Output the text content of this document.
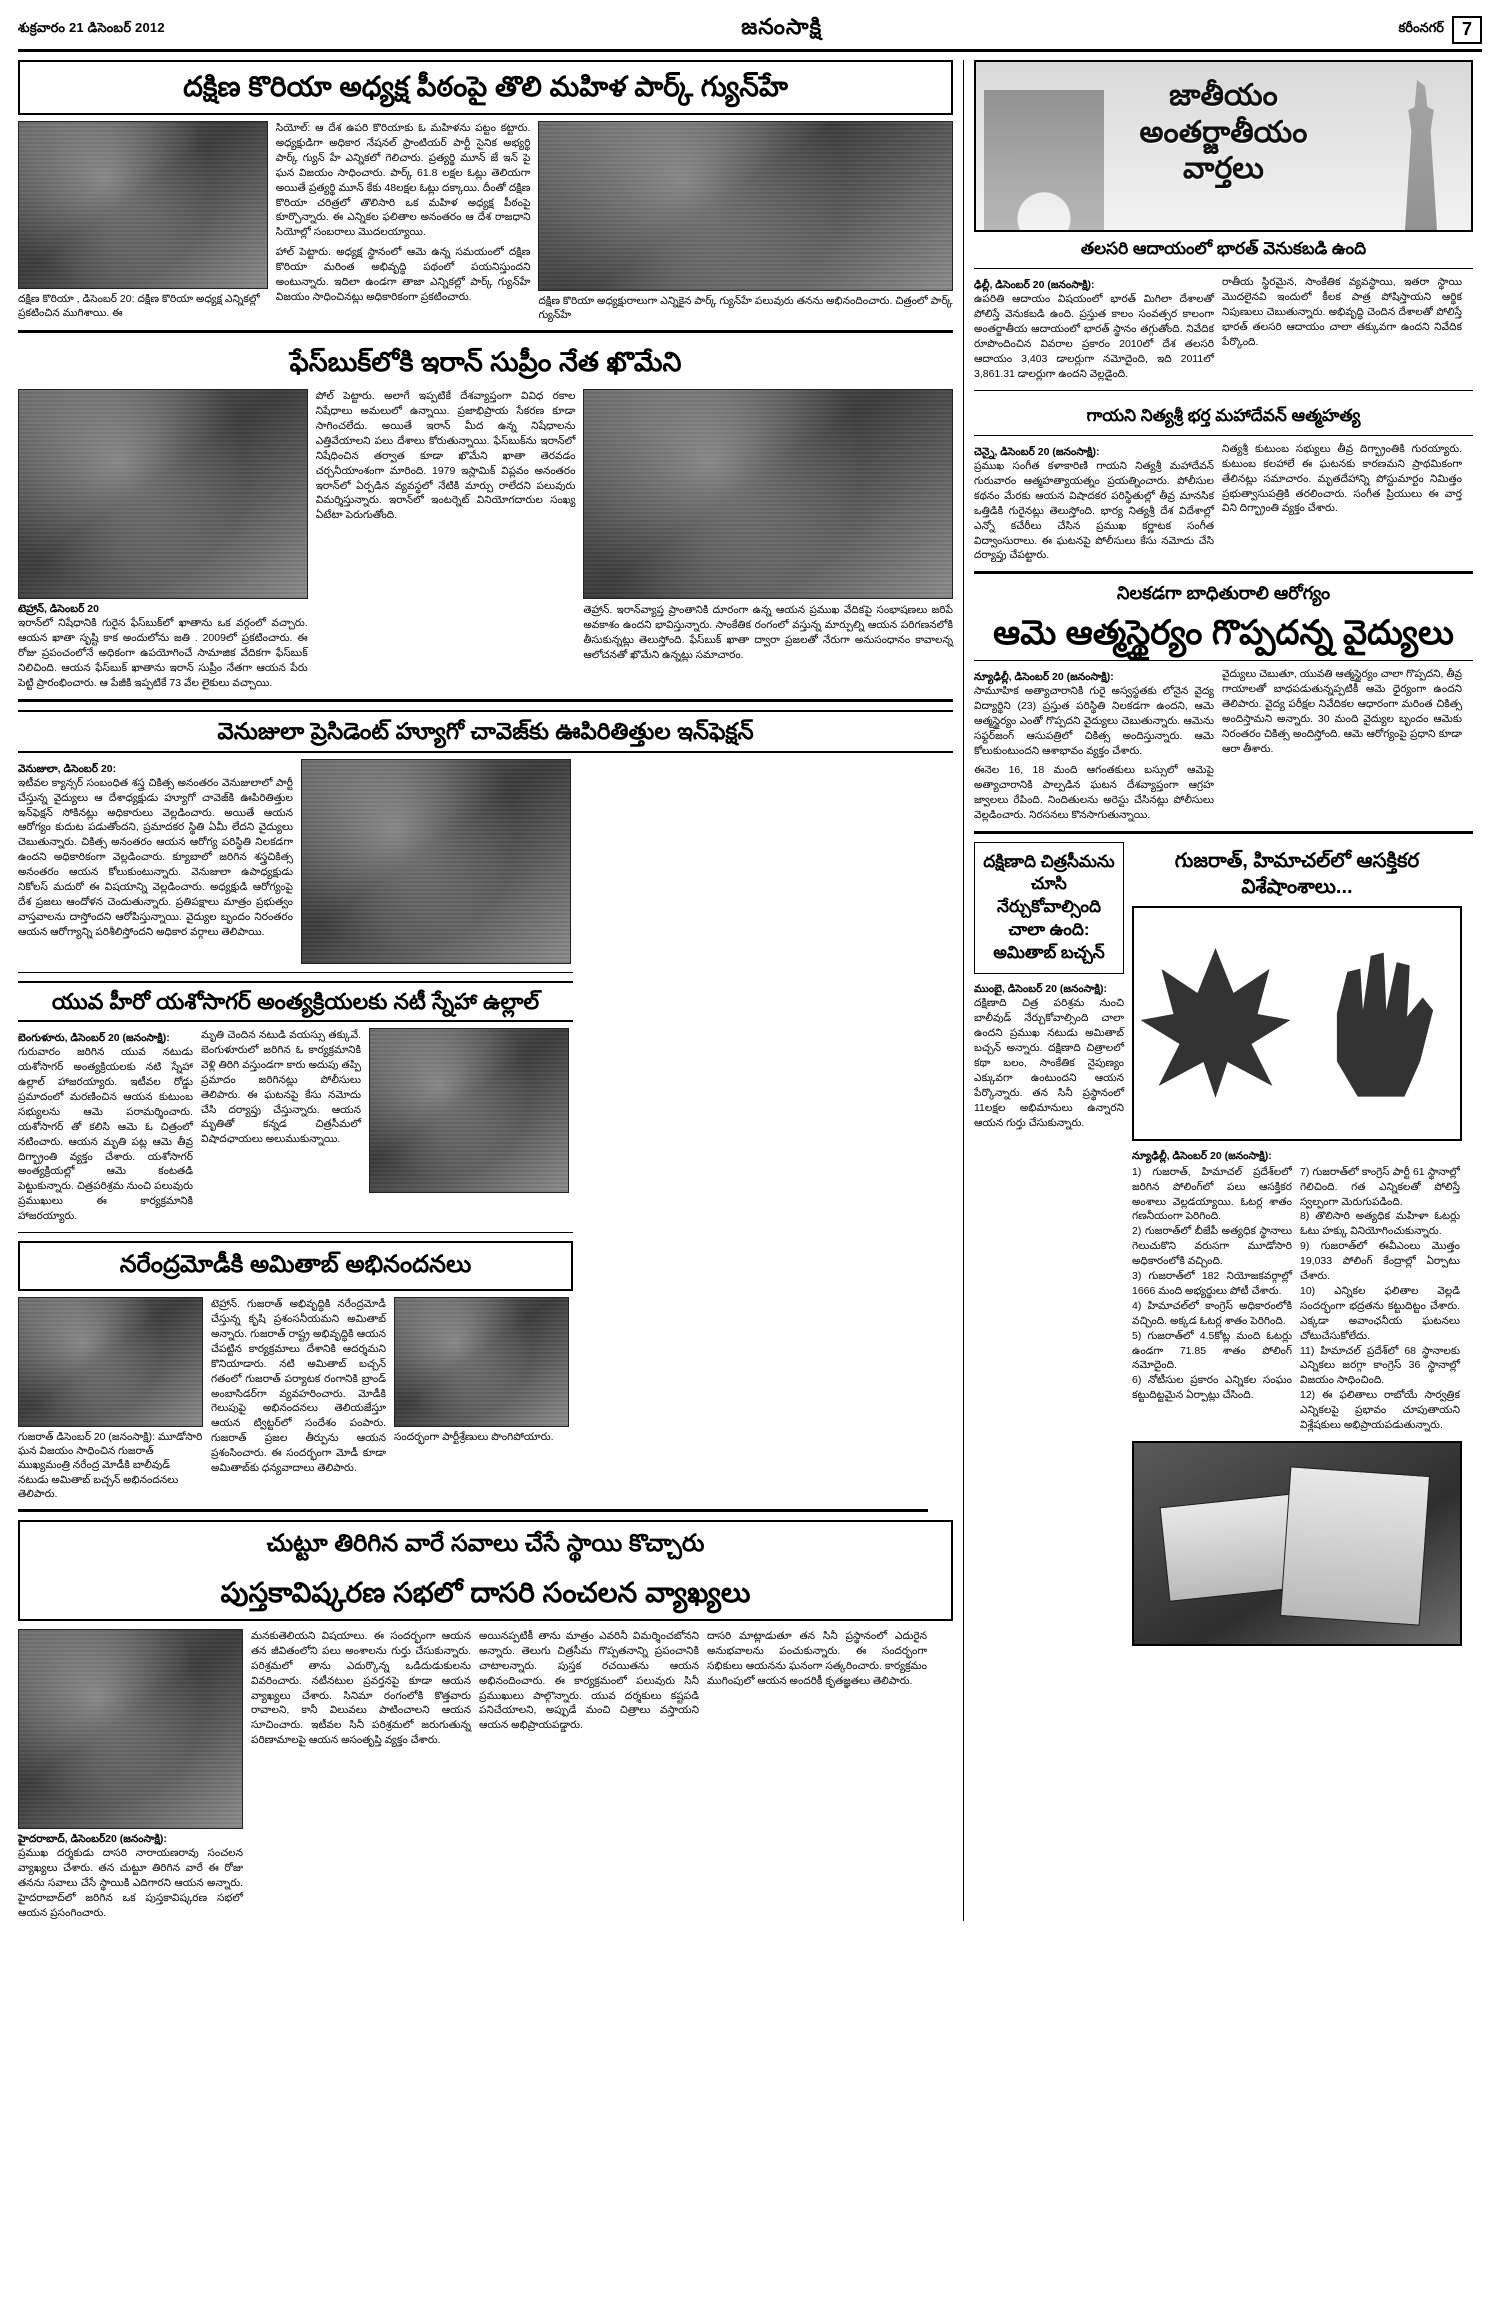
శుక్రవారం 21 డిసెంబర్ 2012	జనంసాక్షి	కరీంనగర్ 7
దక్షిణ కొరియా అధ్యక్ష పీఠంపై తొలి మహిళ పార్క్ గ్యున్‌హే
దక్షిణ కొరియా , డిసెంబర్ 20: దక్షిణ కొరియా అధ్యక్ష ఎన్నికల్లో ప్రకటించిన ముగిశాయి. ఈ
సియోల్: ఆ దేశ ఉపరి కొరియాకు ఓ మహిళను పట్టం కట్టారు. అధ్యక్షుడిగా అధికార నేషనల్ ఫ్రాంటియర్ పార్టీ సైనిక అభ్యర్థి పార్క్ గ్యున్ హే ఎన్నికలో గెలిచారు. ప్రత్యర్థి మూన్ జే ఇన్ పై ఘన విజయం సాధించారు. పార్క్ 61.8 లక్షల ఓట్లు తెలియగా అయితే ప్రత్యర్థి మూన్ కేకు 48లక్షల ఓట్లు దక్కాయి. దీంతో దక్షిణ కొరియా చరిత్రలో తొలిసారి ఒక మహిళ అధ్యక్ష పీఠంపై కూర్చొన్నారు. ఈ ఎన్నికల ఫలితాల అనంతరం ఆ దేశ రాజధాని సియోల్లో సంబరాలు మొదలయ్యాయి.
హాల్ పెట్టారు. అధ్యక్ష స్థానంలో ఆమె ఉన్న సమయంలో దక్షిణ కొరియా మరింత అభివృద్ధి పథంలో పయనిస్తుందని అంటున్నారు. ఇదిలా ఉండగా తాజా ఎన్నికల్లో పార్క్ గ్యున్‌హే విజయం సాధించినట్లు అధికారికంగా ప్రకటించారు.	దక్షిణ కొరియా అధ్యక్షురాలుగా ఎన్నికైన పార్క్ గ్యున్‌హే పలువురు తనను అభినందించారు. చిత్రంలో పార్క్ గ్యున్‌హే
ఫేస్‌బుక్‌లోకి ఇరాన్ సుప్రీం నేత ఖొమేని
టెహ్రాన్, డిసెంబర్ 20
ఇరాన్‌లో నిషేధానికి గురైన ఫేస్‌బుక్‌లో ఖాతాను ఒక వర్గంలో వచ్చారు. ఆయన ఖాతా సృష్టి కాక అందులోను జతి . 2009లో ప్రకటించారు. ఈ రోజు ప్రపంచంలోనే అధికంగా ఉపయోగించే సామాజిక వేదికగా ఫేస్‌బుక్ నిలిచింది. ఆయన ఫేస్‌బుక్ ఖాతాను ఇరాన్ సుప్రీం నేతగా ఆయన పేరు పెట్టి ప్రారంభించారు. ఆ పేజీకి ఇప్పటికే 73 వేల లైకులు వచ్చాయి.
పోల్ పెట్టారు. అలాగే ఇప్పటికే దేశవ్యాప్తంగా వివిధ రకాల నిషేధాలు అమలులో ఉన్నాయి. ప్రజాభిప్రాయ సేకరణ కూడా సాగించలేదు. అయితే ఇరాన్ మీద ఉన్న నిషేధాలను ఎత్తివేయాలని పలు దేశాలు కోరుతున్నాయి. ఫేస్‌బుక్‌ను ఇరాన్‌లో నిషేధించిన తర్వాత కూడా ఖొమేని ఖాతా తెరవడం చర్చనీయాంశంగా మారింది. 1979 ఇస్లామిక్ విప్లవం అనంతరం ఇరాన్‌లో ఏర్పడిన వ్యవస్థలో నేటికి మార్పు రాలేదని పలువురు విమర్శిస్తున్నారు. ఇరాన్‌లో ఇంటర్నెట్ వినియోగదారుల సంఖ్య ఏటేటా పెరుగుతోంది.
తెహ్రాన్. ఇరాన్‌వ్యాప్త ప్రాంతానికి దూరంగా ఉన్న ఆయన ప్రముఖ వేదికపై సంభాషణలు జరిపే అవకాశం ఉందని భావిస్తున్నారు. సాంకేతిక రంగంలో వస్తున్న మార్పుల్ని ఆయన పరిగణనలోకి తీసుకున్నట్లు తెలుస్తోంది. ఫేస్‌బుక్ ఖాతా ద్వారా ప్రజలతో నేరుగా అనుసంధానం కావాలన్న ఆలోచనతో ఖొమేని ఉన్నట్లు సమాచారం.
వెనుజులా ప్రెసిడెంట్ హ్యూగో చావెజ్‌కు ఊపిరితిత్తుల ఇన్‌ఫెక్షన్
వెనుజులా, డిసెంబర్ 20:
ఇటీవల క్యాన్సర్ సంబంధిత శస్త్ర చికిత్స అనంతరం వెనుజులాలో పార్టీ చేస్తున్న వైద్యులు ఆ దేశాధ్యక్షుడు హ్యూగో చావెజ్‌కి ఊపిరితిత్తుల ఇన్‌ఫెక్షన్ సోకినట్లు అధికారులు వెల్లడించారు. అయితే ఆయన ఆరోగ్యం కుదుట పడుతోందని, ప్రమాదకర స్థితి ఏమీ లేదని వైద్యులు చెబుతున్నారు. చికిత్స అనంతరం ఆయన ఆరోగ్య పరిస్థితి నిలకడగా ఉందని అధికారికంగా వెల్లడించారు. క్యూబాలో జరిగిన శస్త్రచికిత్స అనంతరం ఆయన కోలుకుంటున్నారు. వెనుజులా ఉపాధ్యక్షుడు నికోలస్ మదురో ఈ విషయాన్ని వెల్లడించారు. అధ్యక్షుడి ఆరోగ్యంపై దేశ ప్రజలు ఆందోళన చెందుతున్నారు. ప్రతిపక్షాలు మాత్రం ప్రభుత్వం వాస్తవాలను దాస్తోందని ఆరోపిస్తున్నాయి. వైద్యుల బృందం నిరంతరం ఆయన ఆరోగ్యాన్ని పరిశీలిస్తోందని అధికార వర్గాలు తెలిపాయి.
యువ హీరో యశోసాగర్ అంత్యక్రియలకు నటీ స్నేహా ఉల్లాల్
బెంగుళూరు, డిసెంబర్ 20 (జనంసాక్షి):
గురువారం జరిగిన యువ నటుడు యశోసాగర్ అంత్యక్రియలకు నటి స్నేహా ఉల్లాల్ హాజరయ్యారు. ఇటీవల రోడ్డు ప్రమాదంలో మరణించిన ఆయన కుటుంబ సభ్యులను ఆమె పరామర్శించారు. యశోసాగర్ తో కలిసి ఆమె ఓ చిత్రంలో నటించారు. ఆయన మృతి పట్ల ఆమె తీవ్ర దిగ్భ్రాంతి వ్యక్తం చేశారు. యశోసాగర్ అంత్యక్రియల్లో ఆమె కంటతడి పెట్టుకున్నారు. చిత్రపరిశ్రమ నుంచి పలువురు ప్రముఖులు ఈ కార్యక్రమానికి హాజరయ్యారు.
మృతి చెందిన నటుడి వయస్సు తక్కువే. బెంగుళూరులో జరిగిన ఓ కార్యక్రమానికి వెళ్లి తిరిగి వస్తుండగా కారు అదుపు తప్పి ప్రమాదం జరిగినట్లు పోలీసులు తెలిపారు. ఈ ఘటనపై కేసు నమోదు చేసి దర్యాప్తు చేస్తున్నారు. ఆయన మృతితో కన్నడ చిత్రసీమలో విషాదఛాయలు అలుముకున్నాయి.
నరేంద్రమోడీకి అమితాబ్ అభినందనలు
గుజరాత్ డిసెంబర్ 20 (జనంసాక్షి): మూడోసారి ఘన విజయం సాధించిన గుజరాత్ ముఖ్యమంత్రి నరేంద్ర మోడీకి బాలీవుడ్ నటుడు అమితాబ్ బచ్చన్ అభినందనలు తెలిపారు.
టెహ్రాన్. గుజరాత్ అభివృద్ధికి నరేంద్రమోడీ చేస్తున్న కృషి ప్రశంసనీయమని అమితాబ్ అన్నారు. గుజరాత్ రాష్ట్ర అభివృద్ధికి ఆయన చేపట్టిన కార్యక్రమాలు దేశానికి ఆదర్శమని కొనియాడారు. నటి అమితాబ్ బచ్చన్ గతంలో గుజరాత్ పర్యాటక రంగానికి బ్రాండ్ అంబాసిడర్‌గా వ్యవహరించారు. మోడీకి గెలుపుపై అభినందనలు తెలియజేస్తూ ఆయన ట్విట్టర్‌లో సందేశం పంపారు. గుజరాత్ ప్రజల తీర్పును ఆయన ప్రశంసించారు. ఈ సందర్భంగా మోడీ కూడా అమితాబ్‌కు ధన్యవాదాలు తెలిపారు.
సందర్భంగా పార్టీశ్రేణులు పొంగిపోయారు.
చుట్టూ తిరిగిన వారే సవాలు చేసే స్థాయి కొచ్చారు
పుస్తకావిష్కరణ సభలో దాసరి సంచలన వ్యాఖ్యలు
హైదరాబాద్, డిసెంబర్20 (జనంసాక్షి):
ప్రముఖ దర్శకుడు దాసరి నారాయణరావు సంచలన వ్యాఖ్యలు చేశారు. తన చుట్టూ తిరిగిన వారే ఈ రోజు తనను సవాలు చేసే స్థాయికి ఎదిగారని ఆయన అన్నారు. హైదరాబాద్‌లో జరిగిన ఒక పుస్తకావిష్కరణ సభలో ఆయన ప్రసంగించారు.
మనకుతెలియని విషయాలు. ఈ సందర్భంగా ఆయన తన జీవితంలోని పలు అంశాలను గుర్తు చేసుకున్నారు. పరిశ్రమలో తాను ఎదుర్కొన్న ఒడిదుడుకులను వివరించారు. నటీనటుల ప్రవర్తనపై కూడా ఆయన వ్యాఖ్యలు చేశారు. సినిమా రంగంలోకి కొత్తవారు రావాలని, కానీ విలువలు పాటించాలని ఆయన సూచించారు. ఇటీవల సినీ పరిశ్రమలో జరుగుతున్న పరిణామాలపై ఆయన అసంతృప్తి వ్యక్తం చేశారు.
అయినప్పటికీ తాను మాత్రం ఎవరినీ విమర్శించబోనని అన్నారు. తెలుగు చిత్రసీమ గొప్పతనాన్ని ప్రపంచానికి చాటాలన్నారు. పుస్తక రచయితను ఆయన అభినందించారు. ఈ కార్యక్రమంలో పలువురు సినీ ప్రముఖులు పాల్గొన్నారు. యువ దర్శకులు కష్టపడి పనిచేయాలని, అప్పుడే మంచి చిత్రాలు వస్తాయని ఆయన అభిప్రాయపడ్డారు.
దాసరి మాట్లాడుతూ తన సినీ ప్రస్థానంలో ఎదురైన అనుభవాలను పంచుకున్నారు. ఈ సందర్భంగా సభికులు ఆయనను ఘనంగా సత్కరించారు. కార్యక్రమం ముగింపులో ఆయన అందరికీ కృతజ్ఞతలు తెలిపారు.
జాతీయం
అంతర్జాతీయం
వార్తలు
తలసరి ఆదాయంలో భారత్ వెనుకబడి ఉంది
ఢిల్లీ, డిసెంబర్ 20 (జనంసాక్షి):
ఉపరితి ఆదాయం విషయంలో భారత్ మిగిలా దేశాలతో పోలిస్తే వెనుకబడి ఉంది. ప్రస్తుత కాలం సంవత్సర కాలంగా అంతర్జాతీయ ఆదాయంలో భారత్ స్థానం తగ్గుతోంది. నివేదిక రూపొందించిన వివరాల ప్రకారం 2010లో దేశ తలసరి ఆదాయం 3,403 డాలర్లుగా నమోదైంది, ఇది 2011లో 3,861.31 డాలర్లుగా ఉందని వెల్లడైంది.
రాతీయ స్థిరమైన, సాంకేతిక వ్యవస్థాయి, ఇతరా స్థాయి మొదలైనవి ఇందులో కీలక పాత్ర పోషిస్తాయని ఆర్థిక నిపుణులు చెబుతున్నారు. అభివృద్ధి చెందిన దేశాలతో పోలిస్తే భారత్ తలసరి ఆదాయం చాలా తక్కువగా ఉందని నివేదిక పేర్కొంది.
గాయని నిత్యశ్రీ భర్త మహాదేవన్ ఆత్మహత్య
చెన్నై, డిసెంబర్ 20 (జనంసాక్షి):
ప్రముఖ సంగీత కళాకారిణి గాయని నిత్యశ్రీ మహాదేవన్ గురువారం ఆత్మహత్యాయత్నం ప్రయత్నించారు. పోలీసుల కథనం మేరకు ఆయన విషాదకర పరిస్థితుల్లో తీవ్ర మానసిక ఒత్తిడికి గురైనట్లు తెలుస్తోంది. భార్య నిత్యశ్రీ దేశ విదేశాల్లో ఎన్నో కచేరీలు చేసిన ప్రముఖ కర్ణాటక సంగీత విద్వాంసురాలు. ఈ ఘటనపై పోలీసులు కేసు నమోదు చేసి దర్యాప్తు చేపట్టారు.
నిత్యశ్రీ కుటుంబ సభ్యులు తీవ్ర దిగ్భ్రాంతికి గురయ్యారు. కుటుంబ కలహాలే ఈ ఘటనకు కారణమని ప్రాథమికంగా తేలినట్లు సమాచారం. మృతదేహాన్ని పోస్టుమార్టం నిమిత్తం ప్రభుత్వాసుపత్రికి తరలించారు. సంగీత ప్రియులు ఈ వార్త విని దిగ్భ్రాంతి వ్యక్తం చేశారు.
నిలకడగా బాధితురాలి ఆరోగ్యం
ఆమె ఆత్మస్థైర్యం గొప్పదన్న వైద్యులు
న్యూఢిల్లీ, డిసెంబర్ 20 (జనంసాక్షి):
సామూహిక అత్యాచారానికి గురై అస్వస్థతకు లోనైన వైద్య విద్యార్థిని (23) ప్రస్తుత పరిస్థితి నిలకడగా ఉందని, ఆమె ఆత్మస్థైర్యం ఎంతో గొప్పదని వైద్యులు చెబుతున్నారు. ఆమెను సఫ్దర్‌జంగ్ ఆసుపత్రిలో చికిత్స అందిస్తున్నారు. ఆమె కోలుకుంటుందని ఆశాభావం వ్యక్తం చేశారు.
ఈనెల 16, 18 మంది ఆగంతకులు బస్సులో ఆమెపై అత్యాచారానికి పాల్పడిన ఘటన దేశవ్యాప్తంగా ఆగ్రహ జ్వాలలు రేపింది. నిందితులను అరెస్టు చేసినట్లు పోలీసులు వెల్లడించారు. నిరసనలు కొనసాగుతున్నాయి.
వైద్యులు చెబుతూ, యువతి ఆత్మస్థైర్యం చాలా గొప్పదని, తీవ్ర గాయాలతో బాధపడుతున్నప్పటికీ ఆమె ధైర్యంగా ఉందని తెలిపారు. వైద్య పరీక్షల నివేదికల ఆధారంగా మరింత చికిత్స అందిస్తామని అన్నారు. 30 మంది వైద్యుల బృందం ఆమెకు నిరంతరం చికిత్స అందిస్తోంది. ఆమె ఆరోగ్యంపై ప్రధాని కూడా ఆరా తీశారు.
దక్షిణాది చిత్రసీమను చూసి నేర్చుకోవాల్సింది చాలా ఉంది: అమితాబ్ బచ్చన్
ముంబై, డిసెంబర్ 20 (జనంసాక్షి):
దక్షిణాది చిత్ర పరిశ్రమ నుంచి బాలీవుడ్ నేర్చుకోవాల్సింది చాలా ఉందని ప్రముఖ నటుడు అమితాబ్ బచ్చన్ అన్నారు. దక్షిణాది చిత్రాలలో కథా బలం, సాంకేతిక నైపుణ్యం ఎక్కువగా ఉంటుందని ఆయన పేర్కొన్నారు. తన సినీ ప్రస్థానంలో 11లక్షల అభిమానులు ఉన్నారని ఆయన గుర్తు చేసుకున్నారు.
గుజరాత్, హిమాచల్‌లో ఆసక్తికర విశేషాంశాలు...
న్యూఢిల్లీ, డిసెంబర్ 20 (జనంసాక్షి):
1) గుజరాత్, హిమాచల్ ప్రదేశ్‌లలో జరిగిన పోలింగ్‌లో పలు ఆసక్తికర అంశాలు వెల్లడయ్యాయి. ఓటర్ల శాతం గణనీయంగా పెరిగింది.
2) గుజరాత్‌లో బీజేపీ అత్యధిక స్థానాలు గెలుచుకొని వరుసగా మూడోసారి అధికారంలోకి వచ్చింది.
3) గుజరాత్‌లో 182 నియోజకవర్గాల్లో 1666 మంది అభ్యర్థులు పోటీ చేశారు.
4) హిమాచల్‌లో కాంగ్రెస్ అధికారంలోకి వచ్చింది. అక్కడ ఓటర్ల శాతం పెరిగింది.
5) గుజరాత్‌లో 4.5కోట్ల మంది ఓటర్లు ఉండగా 71.85 శాతం పోలింగ్ నమోదైంది.
6) నోటీసుల ప్రకారం ఎన్నికల సంఘం కట్టుదిట్టమైన ఏర్పాట్లు చేసింది.
7) గుజరాత్‌లో కాంగ్రెస్ పార్టీ 61 స్థానాల్లో గెలిచింది. గత ఎన్నికలతో పోలిస్తే స్వల్పంగా మెరుగుపడింది.
8) తొలిసారి అత్యధిక మహిళా ఓటర్లు ఓటు హక్కు వినియోగించుకున్నారు.
9) గుజరాత్‌లో ఈవీఎంలు మొత్తం 19,033 పోలింగ్ కేంద్రాల్లో ఏర్పాటు చేశారు.
10) ఎన్నికల ఫలితాల వెల్లడి సందర్భంగా భద్రతను కట్టుదిట్టం చేశారు. ఎక్కడా అవాంఛనీయ ఘటనలు చోటుచేసుకోలేదు.
11) హిమాచల్ ప్రదేశ్‌లో 68 స్థానాలకు ఎన్నికలు జరగ్గా కాంగ్రెస్ 36 స్థానాల్లో విజయం సాధించింది.
12) ఈ ఫలితాలు రాబోయే సార్వత్రిక ఎన్నికలపై ప్రభావం చూపుతాయని విశ్లేషకులు అభిప్రాయపడుతున్నారు.
